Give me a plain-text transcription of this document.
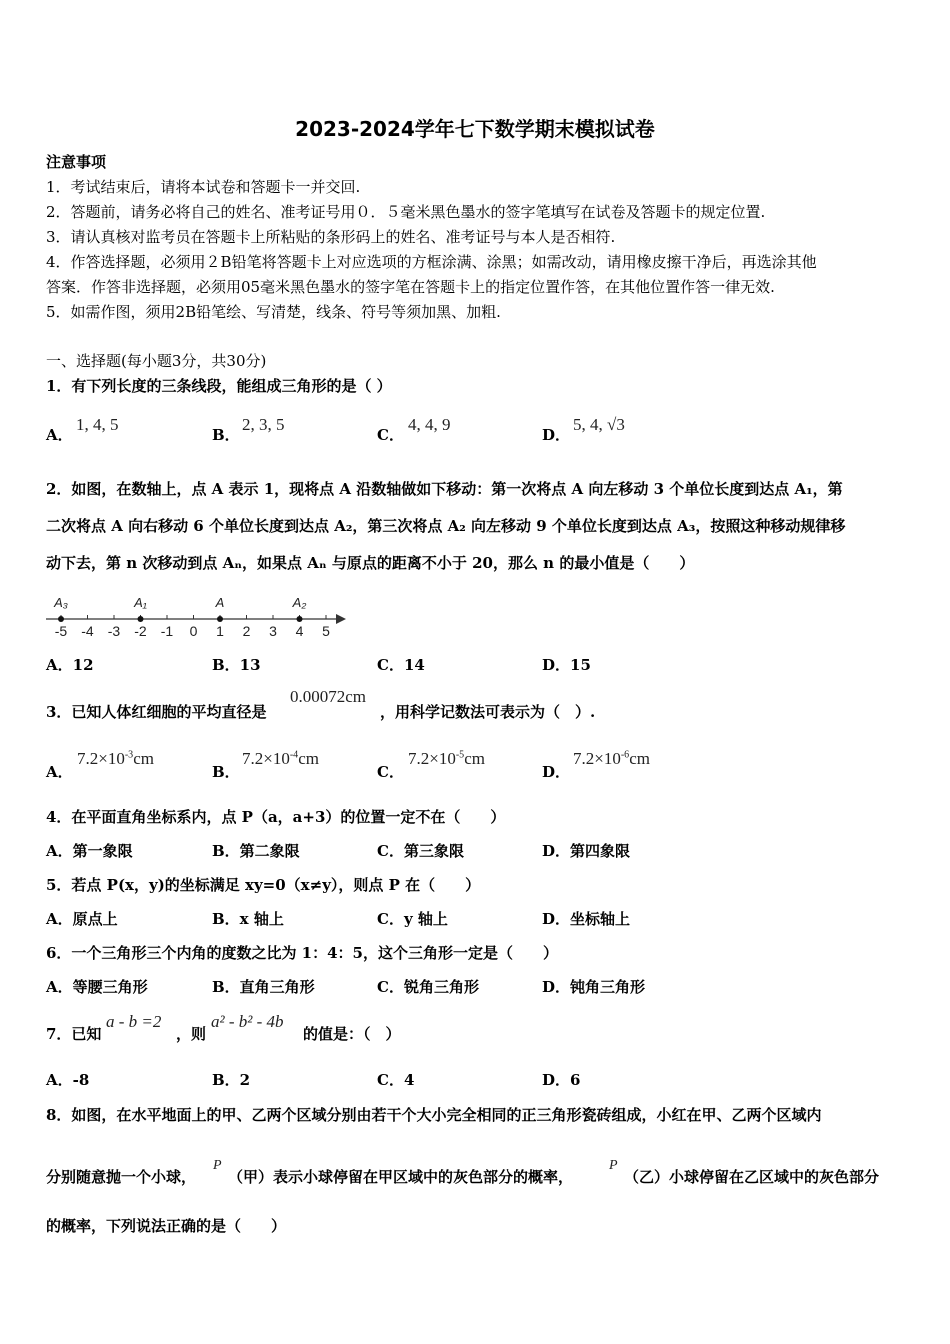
2023-2024学年七下数学期末模拟试卷
注意事项
1．考试结束后，请将本试卷和答题卡一并交回.
2．答题前，请务必将自己的姓名、准考证号用０．５毫米黑色墨水的签字笔填写在试卷及答题卡的规定位置.
3．请认真核对监考员在答题卡上所粘贴的条形码上的姓名、准考证号与本人是否相符.
4．作答选择题，必须用２B铅笔将答题卡上对应选项的方框涂满、涂黑；如需改动，请用橡皮擦干净后，再选涂其他
答案．作答非选择题，必须用05毫米黑色墨水的签字笔在答题卡上的指定位置作答，在其他位置作答一律无效.
5．如需作图，须用2B铅笔绘、写清楚，线条、符号等须加黑、加粗.
一、选择题(每小题3分，共30分)
1．有下列长度的三条线段，能组成三角形的是（ ）
A．
1, 4, 5
B．
2, 3, 5
C．
4, 4, 9
D．
5, 4, √3
2．如图，在数轴上，点 A 表示 1，现将点 A 沿数轴做如下移动：第一次将点 A 向左移动 3 个单位长度到达点 A₁，第
二次将点 A 向右移动 6 个单位长度到达点 A₂，第三次将点 A₂ 向左移动 9 个单位长度到达点 A₃，按照这种移动规律移
动下去，第 n 次移动到点 Aₙ，如果点 Aₙ 与原点的距离不小于 20，那么 n 的最小值是（　　）
-5 -4 -3 -2 -1 0 1 2 3 4 5
A₃	A₁	A	A₂
A．12	B．13	C．14	D．15
3．已知人体红细胞的平均直径是
0.00072cm
，用科学记数法可表示为（　）.
A．
$7.2\times 10^{-3}cm$
B．
$7.2\times 10^{-4}cm$
C．
$7.2\times 10^{-5}cm$
D．
$7.2\times 10^{-6}cm$
4．在平面直角坐标系内，点 P（a，a+3）的位置一定不在（　　）
A．第一象限	B．第二象限	C．第三象限	D．第四象限
5．若点 P(x，y)的坐标满足 xy=0（x≠y），则点 P 在（　　）
A．原点上	B．x 轴上	C．y 轴上	D．坐标轴上
6．一个三角形三个内角的度数之比为 1：4：5，这个三角形一定是（　　）
A．等腰三角形	B．直角三角形	C．锐角三角形	D．钝角三角形
7．已知
a - b =2
，则
a² - b² - 4b
的值是：（　）
A．-8	B．2	C．4	D．6
8．如图，在水平地面上的甲、乙两个区域分别由若干个大小完全相同的正三角形瓷砖组成，小红在甲、乙两个区域内
分别随意抛一个小球，
P
（甲）表示小球停留在甲区域中的灰色部分的概率，
P
（乙）小球停留在乙区域中的灰色部分
的概率，下列说法正确的是（　　）
